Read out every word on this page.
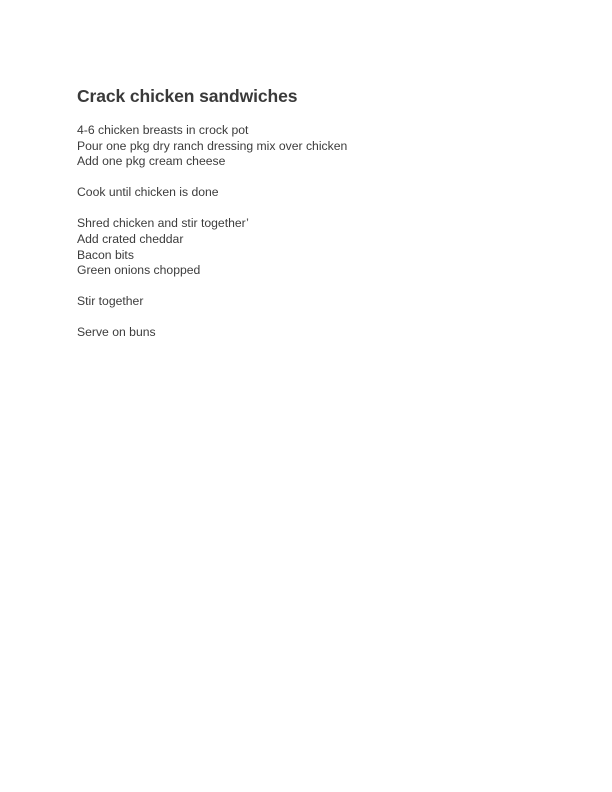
Crack chicken sandwiches

4-6 chicken breasts in crock pot
Pour one pkg dry ranch dressing mix over chicken
Add one pkg cream cheese

Cook until chicken is done

Shred chicken and stir together’
Add crated cheddar
Bacon bits
Green onions chopped

Stir together

Serve on buns
